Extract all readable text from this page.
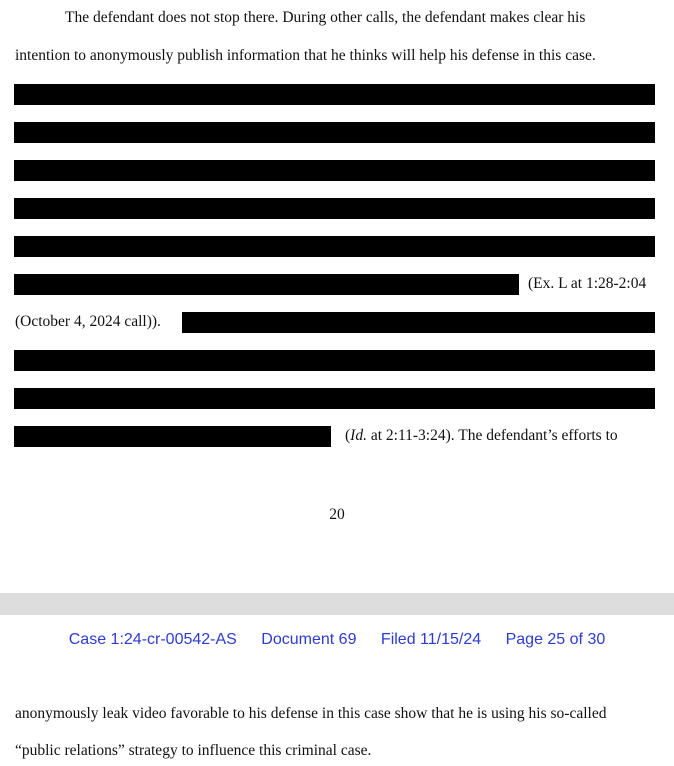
The defendant does not stop there. During other calls, the defendant makes clear his
intention to anonymously publish information that he thinks will help his defense in this case.
(Ex. L at 1:28-2:04
(October 4, 2024 call)).
(Id. at 2:11-3:24). The defendant’s efforts to
20
Case 1:24-cr-00542-AS Document 69 Filed 11/15/24 Page 25 of 30
anonymously leak video favorable to his defense in this case show that he is using his so-called
“public relations” strategy to influence this criminal case.
